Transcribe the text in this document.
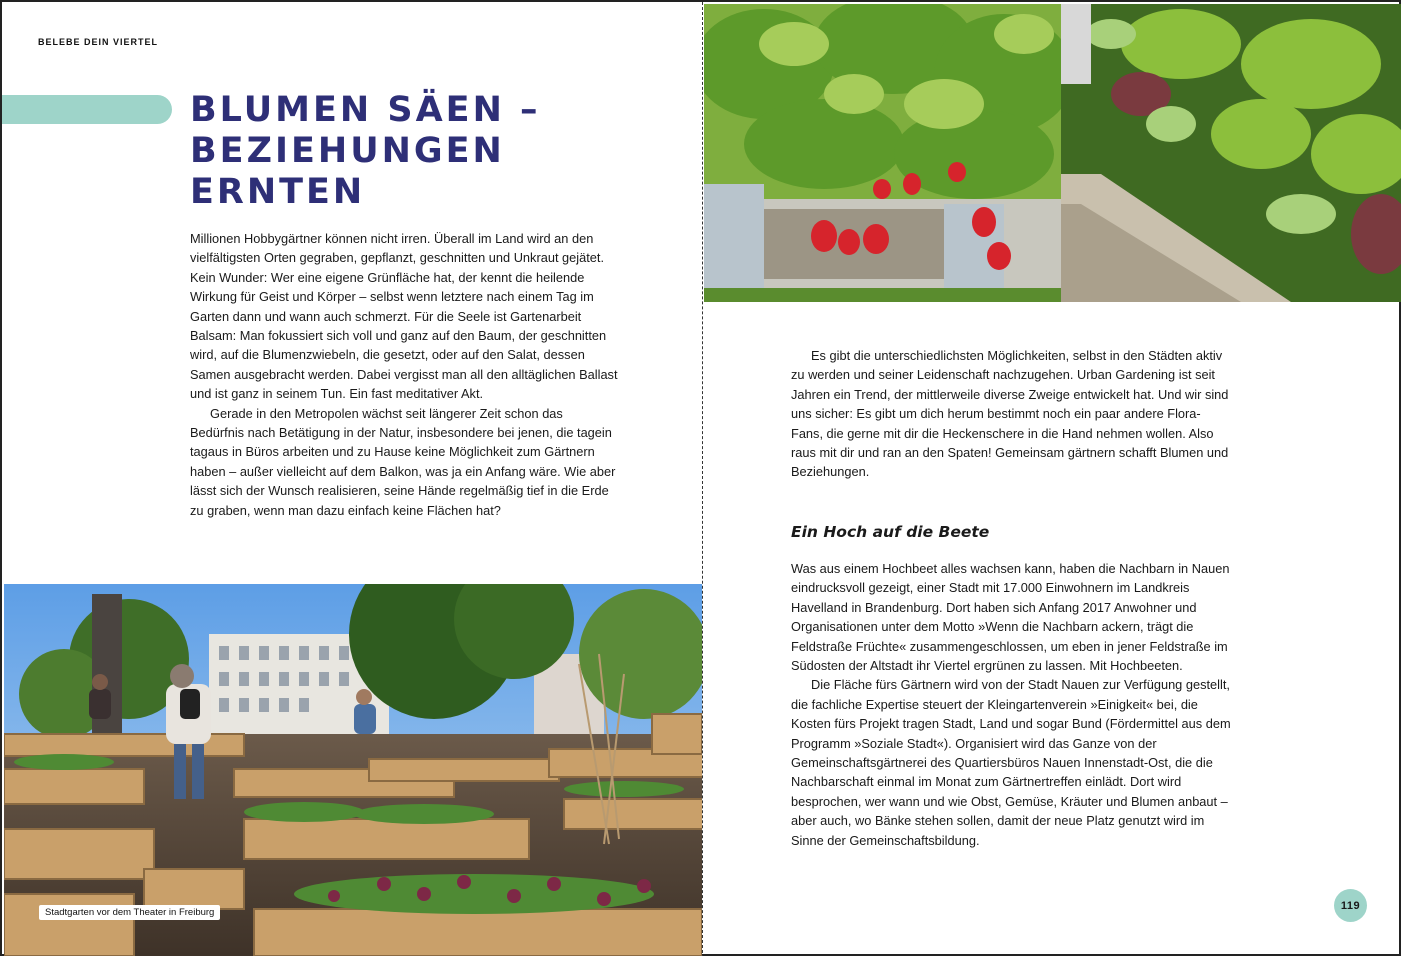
BELEBE DEIN VIERTEL
BLUMEN SÄEN –
BEZIEHUNGEN
ERNTEN

Millionen Hobbygärtner können nicht irren. Überall im Land wird an den vielfältigsten Orten gegraben, gepflanzt, geschnitten und Unkraut gejätet. Kein Wunder: Wer eine eigene Grünfläche hat, der kennt die heilende Wirkung für Geist und Körper – selbst wenn letztere nach einem Tag im Garten dann und wann auch schmerzt. Für die Seele ist Gartenarbeit Balsam: Man fokussiert sich voll und ganz auf den Baum, der geschnitten wird, auf die Blumenzwiebeln, die gesetzt, oder auf den Salat, dessen Samen ausgebracht werden. Dabei vergisst man all den alltäglichen Ballast und ist ganz in seinem Tun. Ein fast meditativer Akt.

Gerade in den Metropolen wächst seit längerer Zeit schon das Bedürfnis nach Betätigung in der Natur, insbesondere bei jenen, die tagein tagaus in Büros arbeiten und zu Hause keine Möglichkeit zum Gärtnern haben – außer vielleicht auf dem Balkon, was ja ein Anfang wäre. Wie aber lässt sich der Wunsch realisieren, seine Hände regelmäßig tief in die Erde zu graben, wenn man dazu einfach keine Flächen hat?

Stadtgarten vor dem Theater in Freiburg

Es gibt die unterschiedlichsten Möglichkeiten, selbst in den Städten aktiv zu werden und seiner Leidenschaft nachzugehen. Urban Gardening ist seit Jahren ein Trend, der mittlerweile diverse Zweige entwickelt hat. Und wir sind uns sicher: Es gibt um dich herum bestimmt noch ein paar andere Flora-Fans, die gerne mit dir die Heckenschere in die Hand nehmen wollen. Also raus mit dir und ran an den Spaten! Gemeinsam gärtnern schafft Blumen und Beziehungen.

Ein Hoch auf die Beete

Was aus einem Hochbeet alles wachsen kann, haben die Nachbarn in Nauen eindrucksvoll gezeigt, einer Stadt mit 17.000 Einwohnern im Landkreis Havelland in Brandenburg. Dort haben sich Anfang 2017 Anwohner und Organisationen unter dem Motto »Wenn die Nachbarn ackern, trägt die Feldstraße Früchte« zusammengeschlossen, um eben in jener Feldstraße im Südosten der Altstadt ihr Viertel ergrünen zu lassen. Mit Hochbeeten.

Die Fläche fürs Gärtnern wird von der Stadt Nauen zur Verfügung gestellt, die fachliche Expertise steuert der Kleingartenverein »Einigkeit« bei, die Kosten fürs Projekt tragen Stadt, Land und sogar Bund (Fördermittel aus dem Programm »Soziale Stadt«). Organisiert wird das Ganze von der Gemeinschaftsgärtnerei des Quartiersbüros Nauen Innenstadt-Ost, die die Nachbarschaft einmal im Monat zum Gärtnertreffen einlädt. Dort wird besprochen, wer wann und wie Obst, Gemüse, Kräuter und Blumen anbaut – aber auch, wo Bänke stehen sollen, damit der neue Platz genutzt wird im Sinne der Gemeinschaftsbildung.

119
